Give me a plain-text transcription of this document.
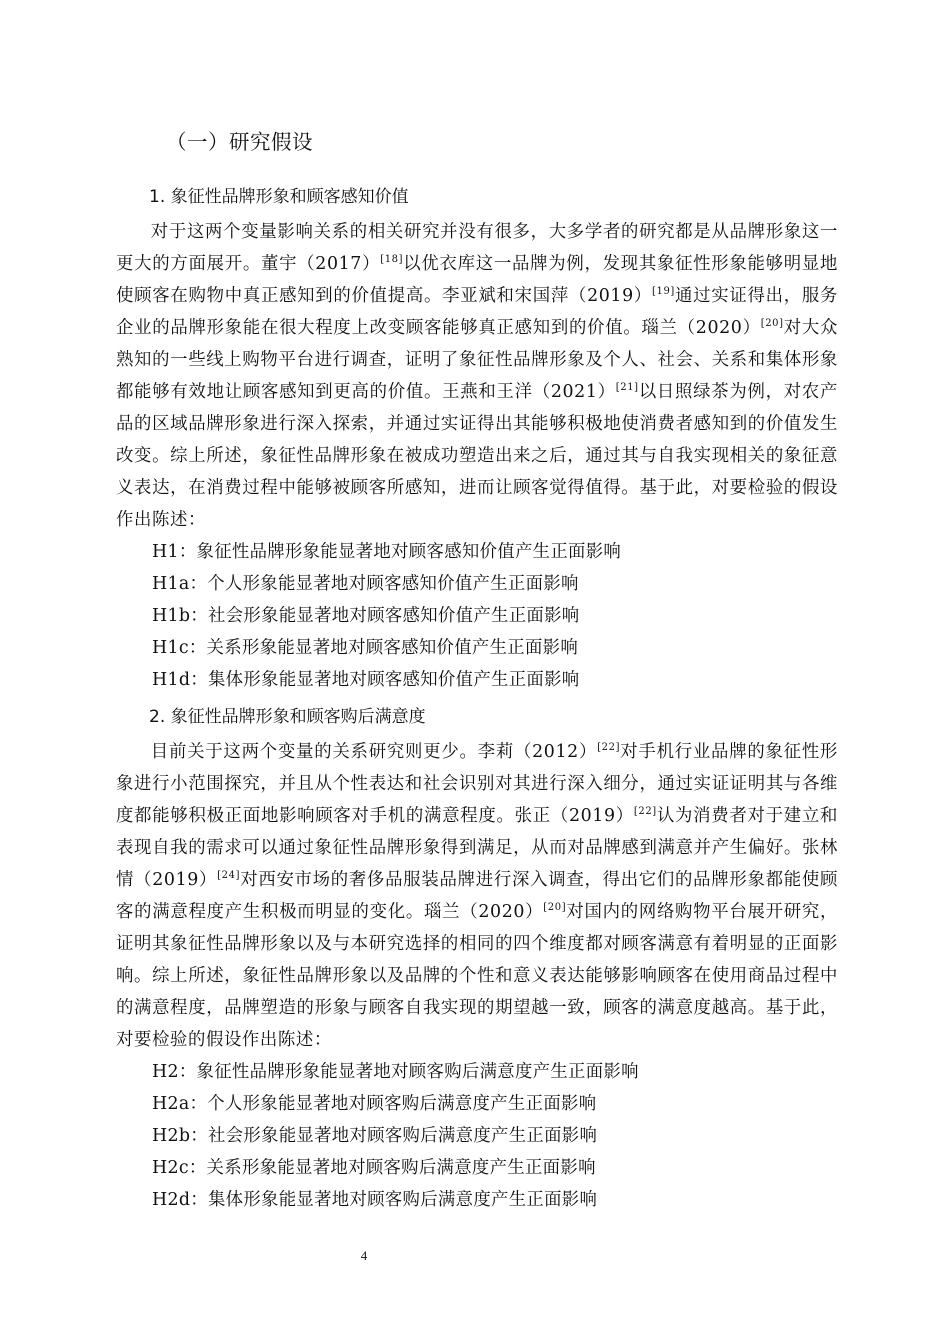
（一）研究假设
1. 象征性品牌形象和顾客感知价值

对于这两个变量影响关系的相关研究并没有很多，大多学者的研究都是从品牌形象这一更大的方面展开。董宇（2017）[18]以优衣库这一品牌为例，发现其象征性形象能够明显地使顾客在购物中真正感知到的价值提高。李亚斌和宋国萍（2019）[19]通过实证得出，服务企业的品牌形象能在很大程度上改变顾客能够真正感知到的价值。瑙兰（2020）[20]对大众熟知的一些线上购物平台进行调查，证明了象征性品牌形象及个人、社会、关系和集体形象都能够有效地让顾客感知到更高的价值。王燕和王洋（2021）[21]以日照绿茶为例，对农产品的区域品牌形象进行深入探索，并通过实证得出其能够积极地使消费者感知到的价值发生改变。综上所述，象征性品牌形象在被成功塑造出来之后，通过其与自我实现相关的象征意义表达，在消费过程中能够被顾客所感知，进而让顾客觉得值得。基于此，对要检验的假设作出陈述：

H1：象征性品牌形象能显著地对顾客感知价值产生正面影响

H1a：个人形象能显著地对顾客感知价值产生正面影响

H1b：社会形象能显著地对顾客感知价值产生正面影响

H1c：关系形象能显著地对顾客感知价值产生正面影响

H1d：集体形象能显著地对顾客感知价值产生正面影响

2. 象征性品牌形象和顾客购后满意度

目前关于这两个变量的关系研究则更少。李莉（2012）[22]对手机行业品牌的象征性形象进行小范围探究，并且从个性表达和社会识别对其进行深入细分，通过实证证明其与各维度都能够积极正面地影响顾客对手机的满意程度。张正（2019）[22]认为消费者对于建立和表现自我的需求可以通过象征性品牌形象得到满足，从而对品牌感到满意并产生偏好。张林情（2019）[24]对西安市场的奢侈品服装品牌进行深入调查，得出它们的品牌形象都能使顾客的满意程度产生积极而明显的变化。瑙兰（2020）[20]对国内的网络购物平台展开研究，证明其象征性品牌形象以及与本研究选择的相同的四个维度都对顾客满意有着明显的正面影响。综上所述，象征性品牌形象以及品牌的个性和意义表达能够影响顾客在使用商品过程中的满意程度，品牌塑造的形象与顾客自我实现的期望越一致，顾客的满意度越高。基于此，对要检验的假设作出陈述：

H2：象征性品牌形象能显著地对顾客购后满意度产生正面影响

H2a：个人形象能显著地对顾客购后满意度产生正面影响

H2b：社会形象能显著地对顾客购后满意度产生正面影响

H2c：关系形象能显著地对顾客购后满意度产生正面影响

H2d：集体形象能显著地对顾客购后满意度产生正面影响

4
